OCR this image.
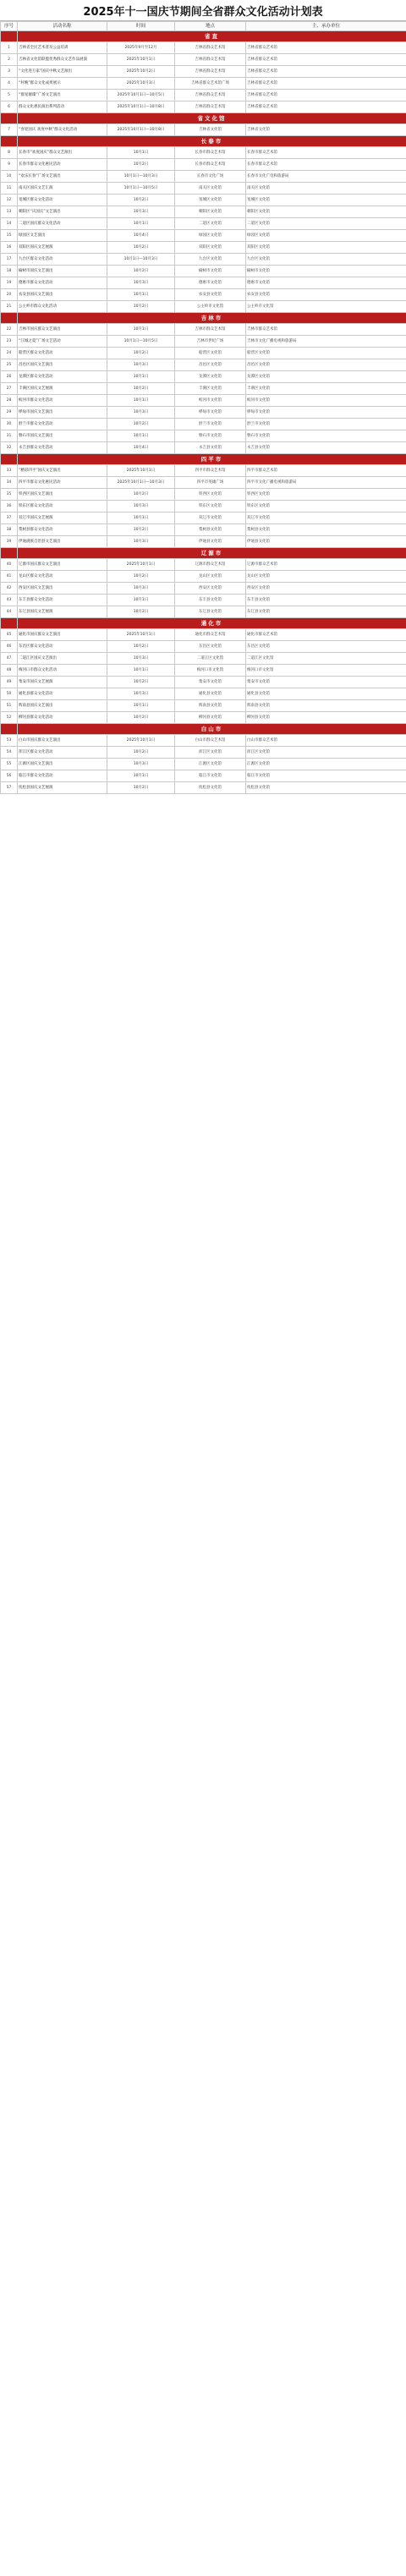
2025年十一国庆节期间全省群众文化活动计划表
序号	活动名称	时间	地点	主、承办单位
	省直			
1	吉林省全民艺术普及公益培训	2025年9月至12月	吉林省群众艺术馆	吉林省群众艺术馆
2	吉林省文化馆联盟优秀群众文艺作品展演	2025年10月1日	吉林省群众艺术馆	吉林省群众艺术馆
3	“文化进万家”国庆中秋文艺演出	2025年10月2日	吉林省群众艺术馆	吉林省群众艺术馆
4	“村晚”群众文化成果展示	2025年10月3日	吉林省群众艺术馆广场	吉林省群众艺术馆
5	“群星璀璨”广场文艺演出	2025年10月1日—10月5日	吉林省群众艺术馆	吉林省群众艺术馆
6	群众文化惠民演出系列活动	2025年10月1日—10月8日	吉林省群众艺术馆	吉林省群众艺术馆
	省文化馆			
7	“喜迎国庆 欢度中秋”群众文化活动	2025年10月1日—10月8日	吉林省文化馆	吉林省文化馆
	长春市			
8	长春市“欢度国庆”群众文艺演出	10月1日	长春市群众艺术馆	长春市群众艺术馆
9	长春市群众文化惠民活动	10月2日	长春市群众艺术馆	长春市群众艺术馆
10	“欢乐长春”广场文艺演出	10月1日—10月3日	长春市文化广场	长春市文化广电和旅游局
11	南关区国庆文艺汇演	10月1日—10月5日	南关区文化馆	南关区文化馆
12	宽城区群众文化活动	10月2日	宽城区文化馆	宽城区文化馆
13	朝阳区“庆国庆”文艺演出	10月3日	朝阳区文化馆	朝阳区文化馆
14	二道区国庆群众文化活动	10月1日	二道区文化馆	二道区文化馆
15	绿园区文艺演出	10月4日	绿园区文化馆	绿园区文化馆
16	双阳区国庆文艺展演	10月2日	双阳区文化馆	双阳区文化馆
17	九台区群众文化活动	10月1日—10月3日	九台区文化馆	九台区文化馆
18	榆树市国庆文艺演出	10月2日	榆树市文化馆	榆树市文化馆
19	德惠市群众文化活动	10月3日	德惠市文化馆	德惠市文化馆
20	农安县国庆文艺演出	10月1日	农安县文化馆	农安县文化馆
21	公主岭市群众文化活动	10月2日	公主岭市文化馆	公主岭市文化馆
	吉林市			
22	吉林市国庆群众文艺演出	10月1日	吉林市群众艺术馆	吉林市群众艺术馆
23	“江城之夏”广场文艺活动	10月1日—10月5日	吉林市世纪广场	吉林市文化广播电视和旅游局
24	船营区群众文化活动	10月2日	船营区文化馆	船营区文化馆
25	昌邑区国庆文艺演出	10月3日	昌邑区文化馆	昌邑区文化馆
26	龙潭区群众文化活动	10月1日	龙潭区文化馆	龙潭区文化馆
27	丰满区国庆文艺展演	10月2日	丰满区文化馆	丰满区文化馆
28	蛟河市群众文化活动	10月1日	蛟河市文化馆	蛟河市文化馆
29	桦甸市国庆文艺演出	10月3日	桦甸市文化馆	桦甸市文化馆
30	舒兰市群众文化活动	10月2日	舒兰市文化馆	舒兰市文化馆
31	磐石市国庆文艺演出	10月1日	磐石市文化馆	磐石市文化馆
32	永吉县群众文化活动	10月4日	永吉县文化馆	永吉县文化馆
	四平市			
33	“精彩四平”国庆文艺演出	2025年10月1日	四平市群众艺术馆	四平市群众艺术馆
34	四平市群众文化惠民活动	2025年10月1日—10月3日	四平市英雄广场	四平市文化广播电视和旅游局
35	铁西区国庆文艺演出	10月2日	铁西区文化馆	铁西区文化馆
36	铁东区群众文化活动	10月3日	铁东区文化馆	铁东区文化馆
37	双辽市国庆文艺展演	10月1日	双辽市文化馆	双辽市文化馆
38	梨树县群众文化活动	10月2日	梨树县文化馆	梨树县文化馆
39	伊通满族自治县文艺演出	10月3日	伊通县文化馆	伊通县文化馆
	辽源市			
40	辽源市国庆群众文艺演出	2025年10月1日	辽源市群众艺术馆	辽源市群众艺术馆
41	龙山区群众文化活动	10月2日	龙山区文化馆	龙山区文化馆
42	西安区国庆文艺演出	10月3日	西安区文化馆	西安区文化馆
43	东丰县群众文化活动	10月1日	东丰县文化馆	东丰县文化馆
44	东辽县国庆文艺展演	10月2日	东辽县文化馆	东辽县文化馆
	通化市			
45	通化市国庆群众文艺演出	2025年10月1日	通化市群众艺术馆	通化市群众艺术馆
46	东昌区群众文化活动	10月2日	东昌区文化馆	东昌区文化馆
47	二道江区国庆文艺演出	10月3日	二道江区文化馆	二道江区文化馆
48	梅河口市群众文化活动	10月1日	梅河口市文化馆	梅河口市文化馆
49	集安市国庆文艺展演	10月2日	集安市文化馆	集安市文化馆
50	通化县群众文化活动	10月3日	通化县文化馆	通化县文化馆
51	辉南县国庆文艺演出	10月1日	辉南县文化馆	辉南县文化馆
52	柳河县群众文化活动	10月2日	柳河县文化馆	柳河县文化馆
	白山市			
53	白山市国庆群众文艺演出	2025年10月1日	白山市群众艺术馆	白山市群众艺术馆
54	浑江区群众文化活动	10月2日	浑江区文化馆	浑江区文化馆
55	江源区国庆文艺演出	10月3日	江源区文化馆	江源区文化馆
56	临江市群众文化活动	10月1日	临江市文化馆	临江市文化馆
57	抚松县国庆文艺展演	10月2日	抚松县文化馆	抚松县文化馆
